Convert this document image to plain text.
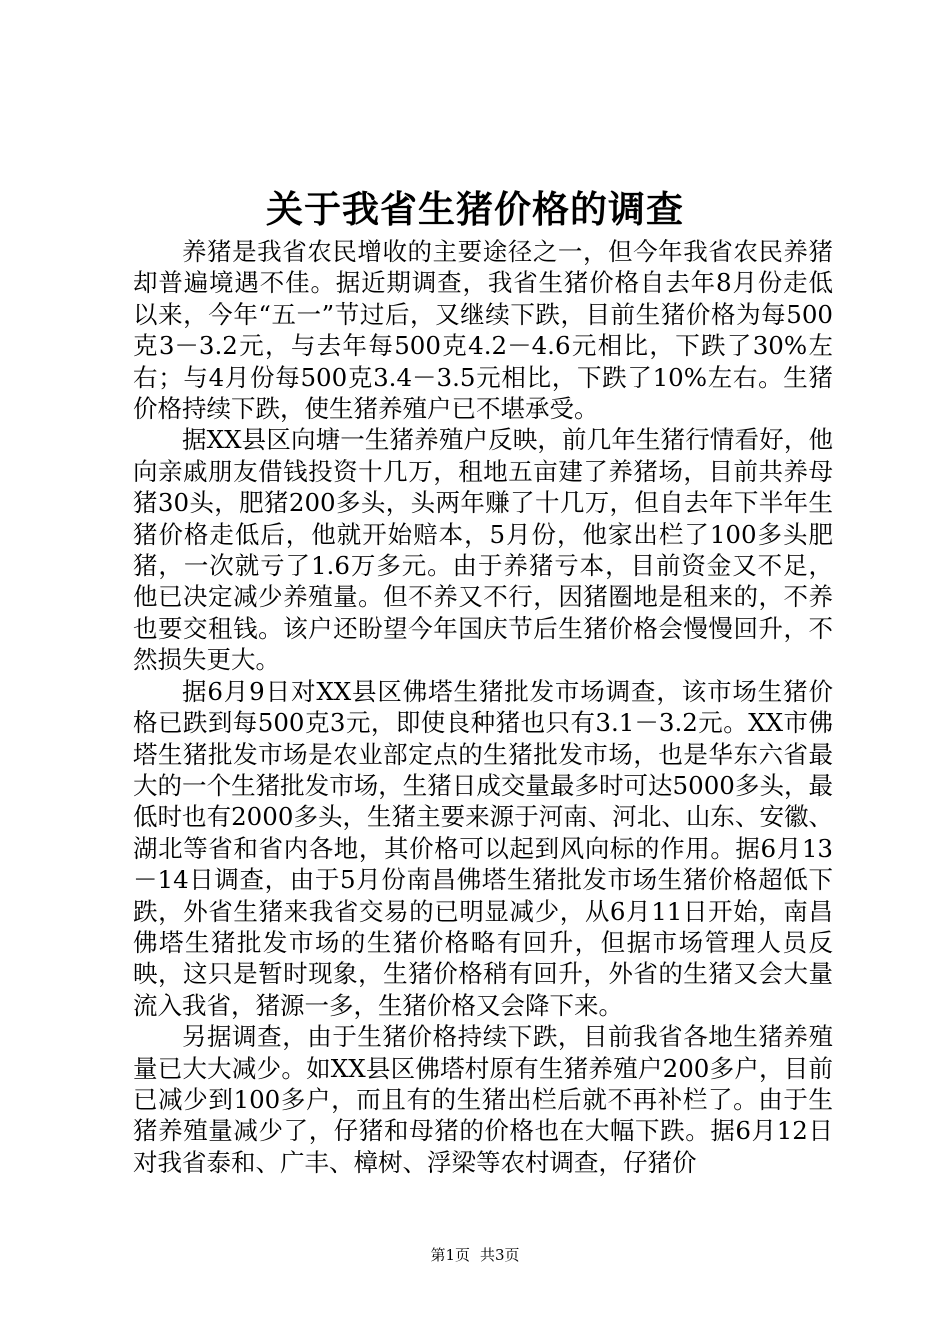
关于我省生猪价格的调查

养猪是我省农民增收的主要途径之一，但今年我省农民养猪却普遍境遇不佳。据近期调查，我省生猪价格自去年8月份走低以来，今年“五一”节过后，又继续下跌，目前生猪价格为每500克3－3.2元，与去年每500克4.2－4.6元相比，下跌了30%左右；与4月份每500克3.4－3.5元相比，下跌了10%左右。生猪价格持续下跌，使生猪养殖户已不堪承受。

据XX县区向塘一生猪养殖户反映，前几年生猪行情看好，他向亲戚朋友借钱投资十几万，租地五亩建了养猪场，目前共养母猪30头，肥猪200多头，头两年赚了十几万，但自去年下半年生猪价格走低后，他就开始赔本，5月份，他家出栏了100多头肥猪，一次就亏了1.6万多元。由于养猪亏本，目前资金又不足，他已决定减少养殖量。但不养又不行，因猪圈地是租来的，不养也要交租钱。该户还盼望今年国庆节后生猪价格会慢慢回升，不然损失更大。

据6月9日对XX县区佛塔生猪批发市场调查，该市场生猪价格已跌到每500克3元，即使良种猪也只有3.1－3.2元。XX市佛塔生猪批发市场是农业部定点的生猪批发市场，也是华东六省最大的一个生猪批发市场，生猪日成交量最多时可达5000多头，最低时也有2000多头，生猪主要来源于河南、河北、山东、安徽、湖北等省和省内各地，其价格可以起到风向标的作用。据6月13－14日调查，由于5月份南昌佛塔生猪批发市场生猪价格超低下跌，外省生猪来我省交易的已明显减少，从6月11日开始，南昌佛塔生猪批发市场的生猪价格略有回升，但据市场管理人员反映，这只是暂时现象，生猪价格稍有回升，外省的生猪又会大量流入我省，猪源一多，生猪价格又会降下来。

另据调查，由于生猪价格持续下跌，目前我省各地生猪养殖量已大大减少。如XX县区佛塔村原有生猪养殖户200多户，目前已减少到100多户，而且有的生猪出栏后就不再补栏了。由于生猪养殖量减少了，仔猪和母猪的价格也在大幅下跌。据6月12日对我省泰和、广丰、樟树、浮梁等农村调查，仔猪价

第1页 共3页
